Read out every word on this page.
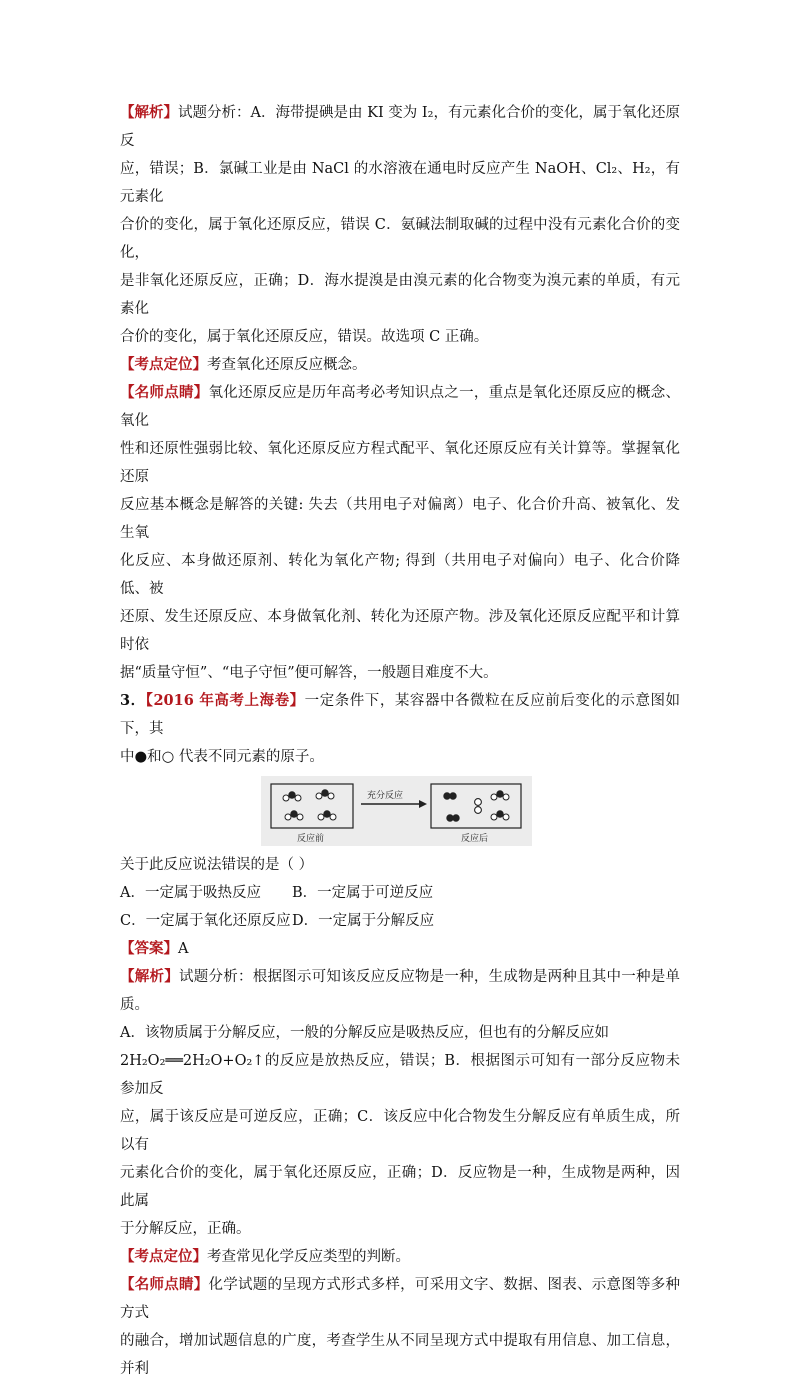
【解析】试题分析：A．海带提碘是由 KI 变为 I₂，有元素化合价的变化，属于氧化还原反

应，错误；B．氯碱工业是由 NaCl 的水溶液在通电时反应产生 NaOH、Cl₂、H₂，有元素化

合价的变化，属于氧化还原反应，错误 C．氨碱法制取碱的过程中没有元素化合价的变化，

是非氧化还原反应，正确；D．海水提溴是由溴元素的化合物变为溴元素的单质，有元素化

合价的变化，属于氧化还原反应，错误。故选项 C 正确。

【考点定位】考查氧化还原反应概念。

【名师点睛】氧化还原反应是历年高考必考知识点之一，重点是氧化还原反应的概念、氧化

性和还原性强弱比较、氧化还原反应方程式配平、氧化还原反应有关计算等。掌握氧化还原

反应基本概念是解答的关键: 失去（共用电子对偏离）电子、化合价升高、被氧化、发生氧

化反应、本身做还原剂、转化为氧化产物; 得到（共用电子对偏向）电子、化合价降低、被

还原、发生还原反应、本身做氧化剂、转化为还原产物。涉及氧化还原反应配平和计算时依

据“质量守恒”、“电子守恒”便可解答，一般题目难度不大。

3．【2016 年高考上海卷】一定条件下，某容器中各微粒在反应前后变化的示意图如下，其

中●和○ 代表不同元素的原子。

充分反应
反应前	反应后

关于此反应说法错误的是（ ）

A．一定属于吸热反应 B．一定属于可逆反应

C．一定属于氧化还原反应D．一定属于分解反应

【答案】A

【解析】试题分析：根据图示可知该反应反应物是一种，生成物是两种且其中一种是单质。

A．该物质属于分解反应，一般的分解反应是吸热反应，但也有的分解反应如

2H₂O₂══2H₂O+O₂↑的反应是放热反应，错误；B．根据图示可知有一部分反应物未参加反

应，属于该反应是可逆反应，正确；C．该反应中化合物发生分解反应有单质生成，所以有

元素化合价的变化，属于氧化还原反应，正确；D．反应物是一种，生成物是两种，因此属

于分解反应，正确。

【考点定位】考查常见化学反应类型的判断。

【名师点睛】化学试题的呈现方式形式多样，可采用文字、数据、图表、示意图等多种方式

的融合，增加试题信息的广度，考查学生从不同呈现方式中提取有用信息、加工信息，并利
